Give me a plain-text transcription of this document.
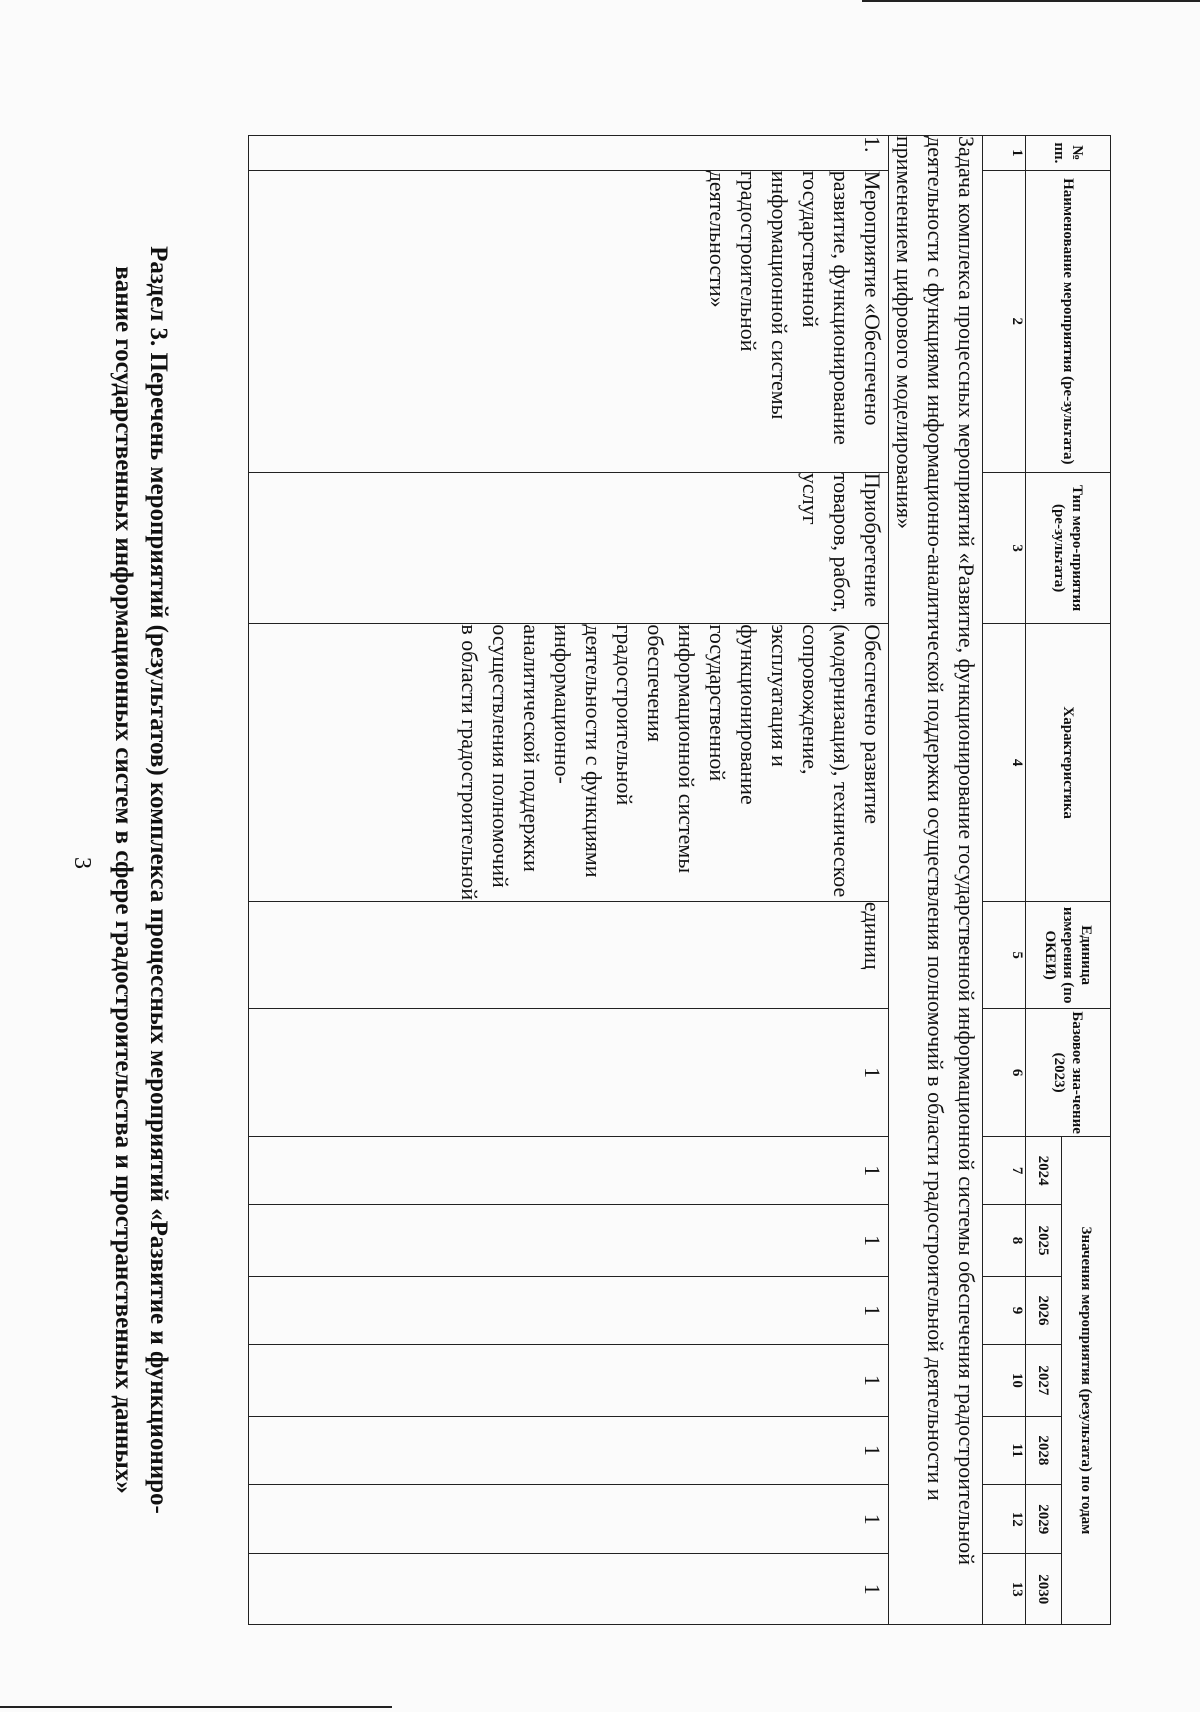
3 Раздел 3. Перечень мероприятий (результатов) комплекса процессных мероприятий «Развитие и функциониро-
вание государственных информационных систем в сфере градостроительства и пространственных данных»
№ пп.	Наименование мероприятия (ре-зультата)	Тип меро-приятия (ре-зультата)	Характеристика	Единица измерения (по ОКЕИ)	Базовое зна-чение (2023)	Значения мероприятия (результата) по годам						
						2024	2025	2026	2027	2028	2029	2030
1	2	3	4	5	6	7	8	9	10	11	12	13
Задача комплекса процессных мероприятий «Развитие, функционирование государственной информационной системы обеспечения градостроительной деятельности с функциями информационно-аналитической поддержки осуществления полномочий в области градостроительной деятельности и применением цифрового моделирования»												
1.	Мероприятие «Обеспечено развитие, функционирование государственной информационной системы градостроительной деятельности»	Приобретение товаров, работ, услуг	Обеспечено развитие (модернизация), техническое сопровождение, эксплуатация и функционирование государственной информационной системы обеспечения градостроительной деятельности с функциями информационно-аналитической поддержки осуществления полномочий в области градостроительной	единиц	1	1	1	1	1	1	1	1
